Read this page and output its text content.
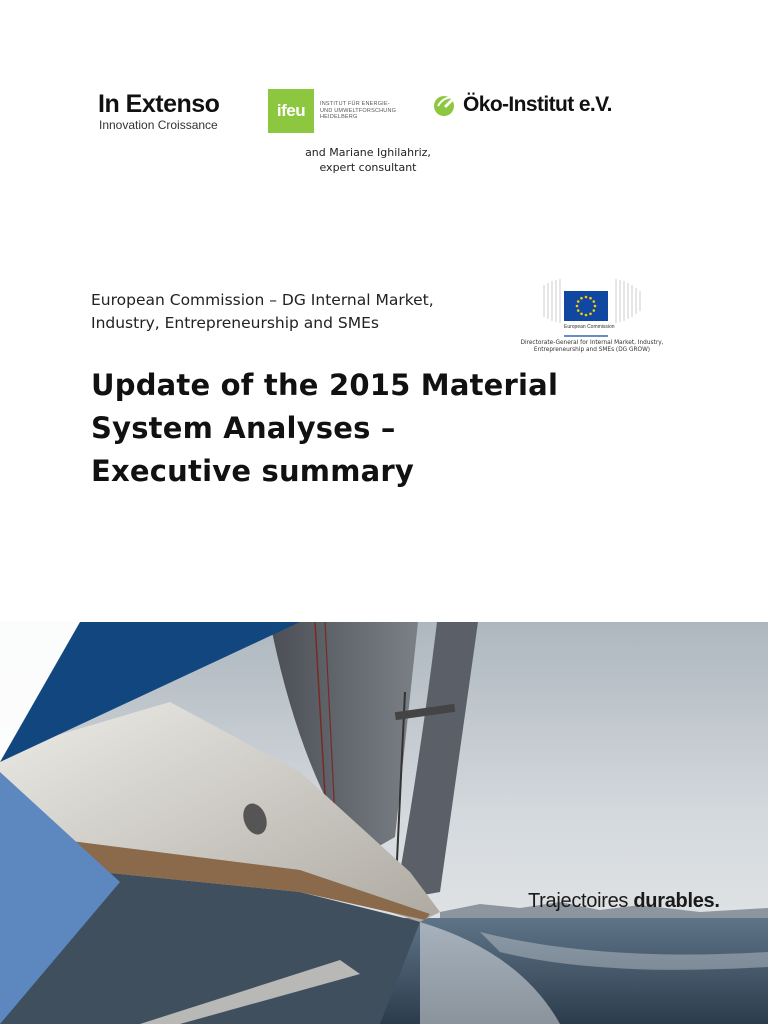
In Extenso
Innovation Croissance
ifeu	INSTITUT FÜR ENERGIE- UND UMWELTFORSCHUNG HEIDELBERG
and Mariane Ighilahriz, expert consultant
Öko-Institut e.V.
European Commission – DG Internal Market,
Industry, Entrepreneurship and SMEs	European Commission
Directorate-General for Internal Market, Industry, Entrepreneurship and SMEs (DG GROW)
Update of the 2015 Material
System Analyses –
Executive summary
Trajectoires durables.
